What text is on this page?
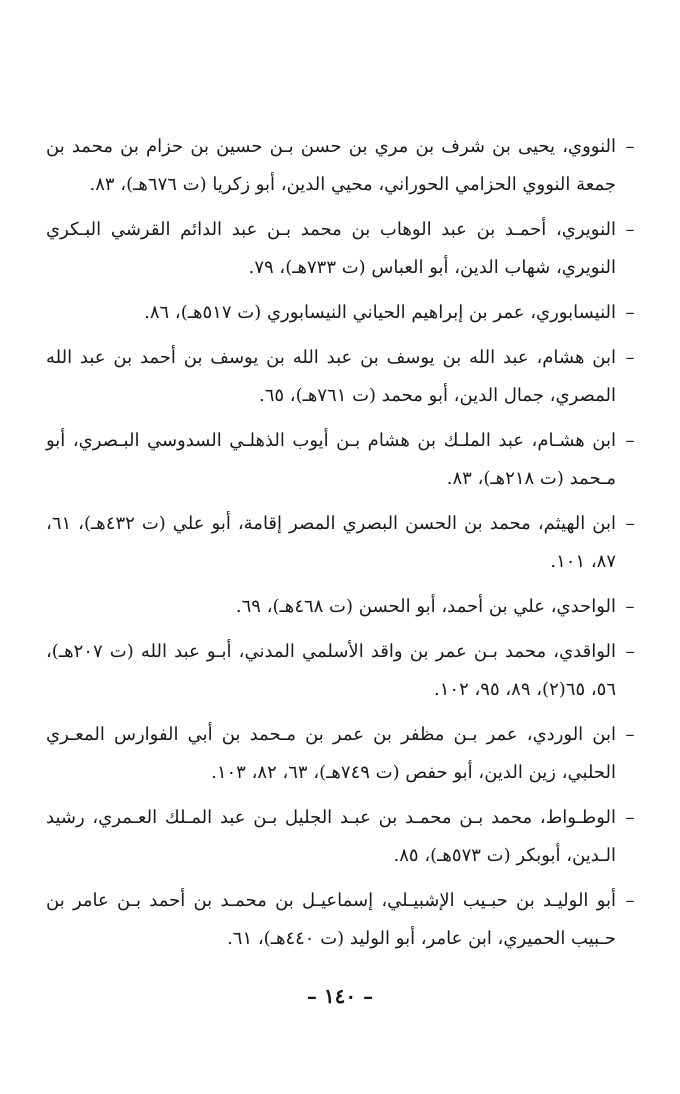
–
النووي، يحيى بن شرف بن مري بن حسن بـن حسين بن حزام بن محمد بن جمعة النووي الحزامي الحوراني، محيي الدين، أبو زكريا (ت ٦٧٦هـ)، ٨٣.
–
النويري، أحمـد بن عبد الوهاب بن محمد بـن عبد الدائم القرشي البـكري النويري، شهاب الدين، أبو العباس (ت ٧٣٣هـ)، ٧٩.
–
النيسابوري، عمر بن إبراهيم الحياني النيسابوري (ت ٥١٧هـ)، ٨٦.
–
ابن هشام، عبد الله بن يوسف بن عبد الله بن يوسف بن أحمد بن عبد الله المصري، جمال الدين، أبو محمد (ت ٧٦١هـ)، ٦٥.
–
ابن هشـام، عبد الملـك بن هشام بـن أيوب الذهلـي السدوسي البـصري، أبو مـحمد (ت ٢١٨هـ)، ٨٣.
–
ابن الهيثم، محمد بن الحسن البصري المصر إقامة، أبو علي (ت ٤٣٢هـ)، ٦١، ٨٧، ١٠١.
–
الواحدي، علي بن أحمد، أبو الحسن (ت ٤٦٨هـ)، ٦٩.
–
الواقدي، محمد بـن عمر بن واقد الأسلمي المدني، أبـو عبد الله (ت ٢٠٧هـ)، ٥٦، ٦٥(٢)، ٨٩، ٩٥، ١٠٢.
–
ابن الوردي، عمر بـن مظفر بن عمر بن مـحمد بن أبي الفوارس المعـري الحلبي، زين الدين، أبو حفص (ت ٧٤٩هـ)، ٦٣، ٨٢، ١٠٣.
–
الوطـواط، محمد بـن محمـد بن عبـد الجليل بـن عبد المـلك العـمري، رشيد الـدين، أبوبكر (ت ٥٧٣هـ)، ٨٥.
–
أبو الوليـد بن حبـيب الإشبيـلي، إسماعيـل بن محمـد بن أحمد بـن عامر بن حـبيب الحميري، ابن عامر، أبو الوليد (ت ٤٤٠هـ)، ٦١.
– ١٤٠ –
